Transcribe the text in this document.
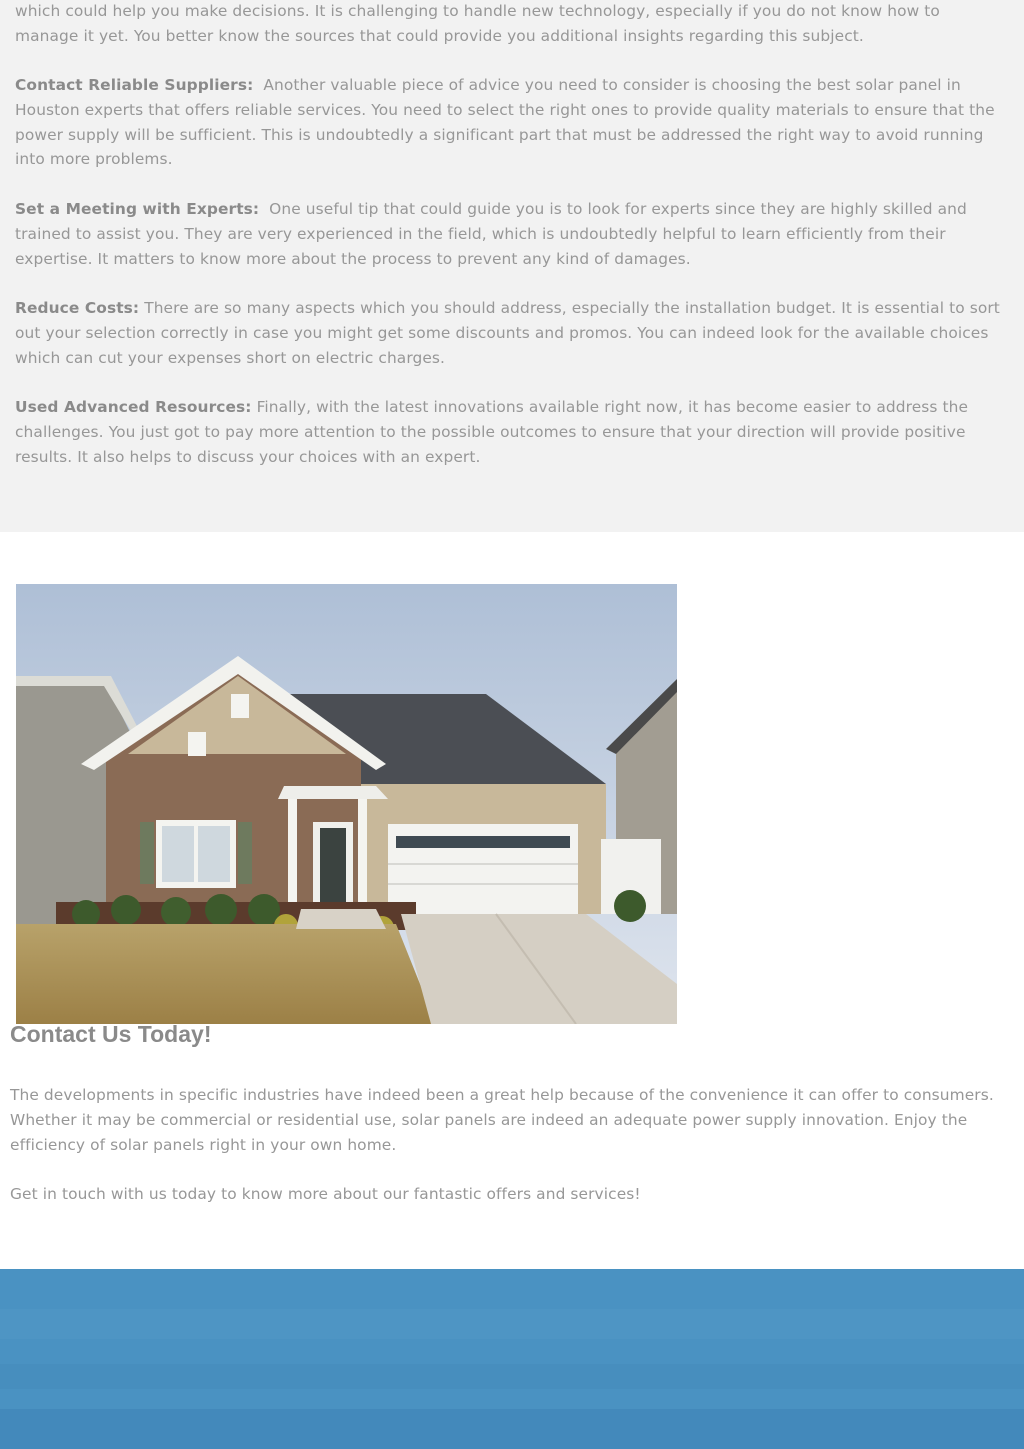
which could help you make decisions. It is challenging to handle new technology, especially if you do not know how to manage it yet. You better know the sources that could provide you additional insights regarding this subject.

Contact Reliable Suppliers: Another valuable piece of advice you need to consider is choosing the best solar panel in Houston experts that offers reliable services. You need to select the right ones to provide quality materials to ensure that the power supply will be sufficient. This is undoubtedly a significant part that must be addressed the right way to avoid running into more problems.

Set a Meeting with Experts: One useful tip that could guide you is to look for experts since they are highly skilled and trained to assist you. They are very experienced in the field, which is undoubtedly helpful to learn efficiently from their expertise. It matters to know more about the process to prevent any kind of damages.

Reduce Costs: There are so many aspects which you should address, especially the installation budget. It is essential to sort out your selection correctly in case you might get some discounts and promos. You can indeed look for the available choices which can cut your expenses short on electric charges.

Used Advanced Resources: Finally, with the latest innovations available right now, it has become easier to address the challenges. You just got to pay more attention to the possible outcomes to ensure that your direction will provide positive results. It also helps to discuss your choices with an expert.

Contact Us Today!

The developments in specific industries have indeed been a great help because of the convenience it can offer to consumers. Whether it may be commercial or residential use, solar panels are indeed an adequate power supply innovation. Enjoy the efficiency of solar panels right in your own home.

Get in touch with us today to know more about our fantastic offers and services!
